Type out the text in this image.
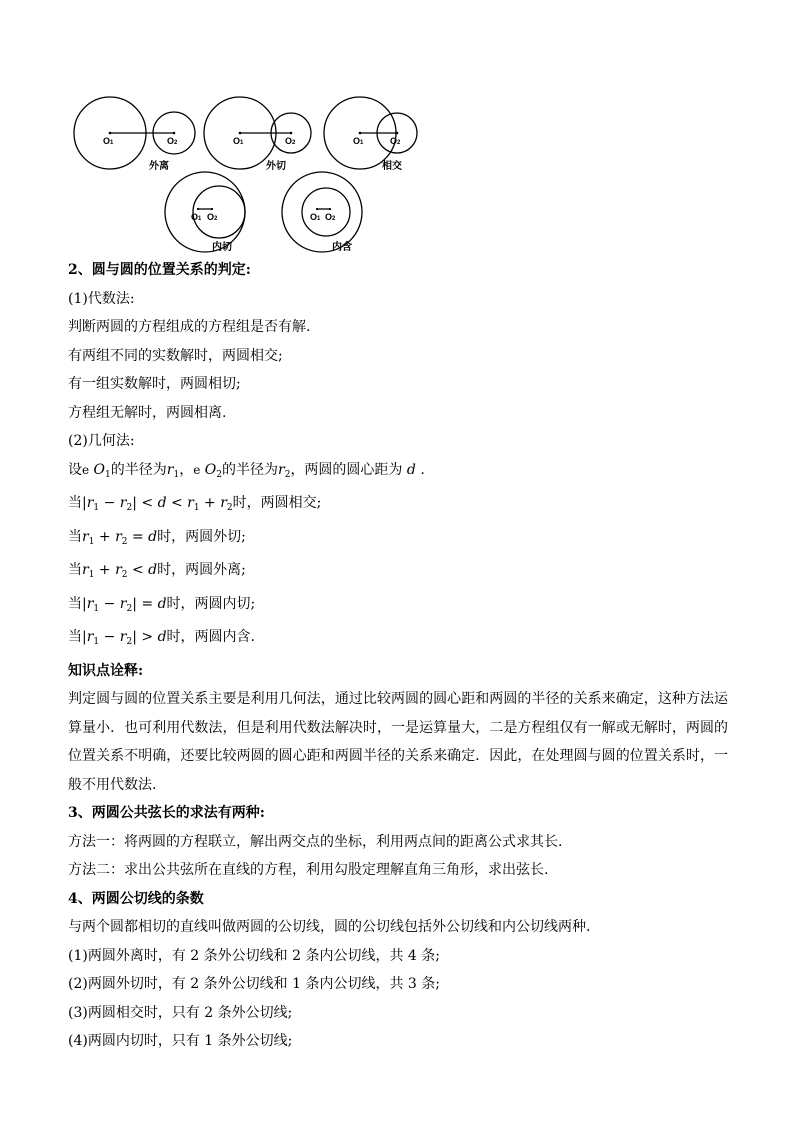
O1	O2	O1	O2	O1	O2
O1 O2	O1 O2
外离	外切	相交
内切	内含
2、圆与圆的位置关系的判定:
(1)代数法:
判断两圆的方程组成的方程组是否有解.
有两组不同的实数解时，两圆相交;
有一组实数解时，两圆相切;
方程组无解时，两圆相离.
(2)几何法:
设e $O_1$的半径为$r_1$，e $O_2$的半径为$r_2$，两圆的圆心距为 d .
当$|r_1 - r_2| < d < r_1 + r_2$时，两圆相交;
当$r_1 + r_2 = d$时，两圆外切;
当$r_1 + r_2 < d$时，两圆外离;
当$|r_1 - r_2| = d$时，两圆内切;
当$|r_1 - r_2| > d$时，两圆内含.
知识点诠释:
判定圆与圆的位置关系主要是利用几何法，通过比较两圆的圆心距和两圆的半径的关系来确定，这种方法运算量小．也可利用代数法，但是利用代数法解决时，一是运算量大，二是方程组仅有一解或无解时，两圆的位置关系不明确，还要比较两圆的圆心距和两圆半径的关系来确定．因此，在处理圆与圆的位置关系时，一般不用代数法.
3、两圆公共弦长的求法有两种:
方法一：将两圆的方程联立，解出两交点的坐标，利用两点间的距离公式求其长.
方法二：求出公共弦所在直线的方程，利用勾股定理解直角三角形，求出弦长.
4、两圆公切线的条数
与两个圆都相切的直线叫做两圆的公切线，圆的公切线包括外公切线和内公切线两种.
(1)两圆外离时，有 2 条外公切线和 2 条内公切线，共 4 条;
(2)两圆外切时，有 2 条外公切线和 1 条内公切线，共 3 条;
(3)两圆相交时，只有 2 条外公切线;
(4)两圆内切时，只有 1 条外公切线;
